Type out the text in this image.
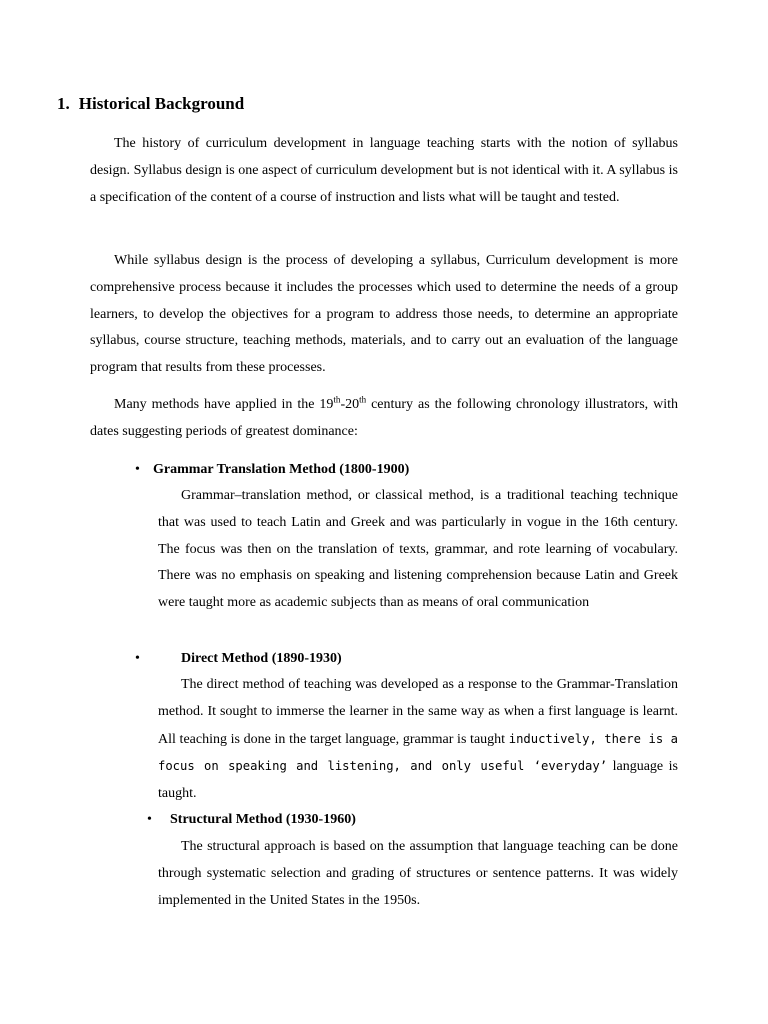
1. Historical Background

The history of curriculum development in language teaching starts with the notion of syllabus design. Syllabus design is one aspect of curriculum development but is not identical with it. A syllabus is a specification of the content of a course of instruction and lists what will be taught and tested.

While syllabus design is the process of developing a syllabus, Curriculum development is more comprehensive process because it includes the processes which used to determine the needs of a group learners, to develop the objectives for a program to address those needs, to determine an appropriate syllabus, course structure, teaching methods, materials, and to carry out an evaluation of the language program that results from these processes.

Many methods have applied in the 19th-20th century as the following chronology illustrators, with dates suggesting periods of greatest dominance:

• Grammar Translation Method (1800-1900)

Grammar–translation method, or classical method, is a traditional teaching technique that was used to teach Latin and Greek and was particularly in vogue in the 16th century. The focus was then on the translation of texts, grammar, and rote learning of vocabulary. There was no emphasis on speaking and listening comprehension because Latin and Greek were taught more as academic subjects than as means of oral communication

•	Direct Method (1890-1930)

The direct method of teaching was developed as a response to the Grammar-Translation method. It sought to immerse the learner in the same way as when a first language is learnt. All teaching is done in the target language, grammar is taught inductively, there is a focus on speaking and listening, and only useful ‘everyday’ language is taught.

• Structural Method (1930-1960)

The structural approach is based on the assumption that language teaching can be done through systematic selection and grading of structures or sentence patterns. It was widely implemented in the United States in the 1950s.
